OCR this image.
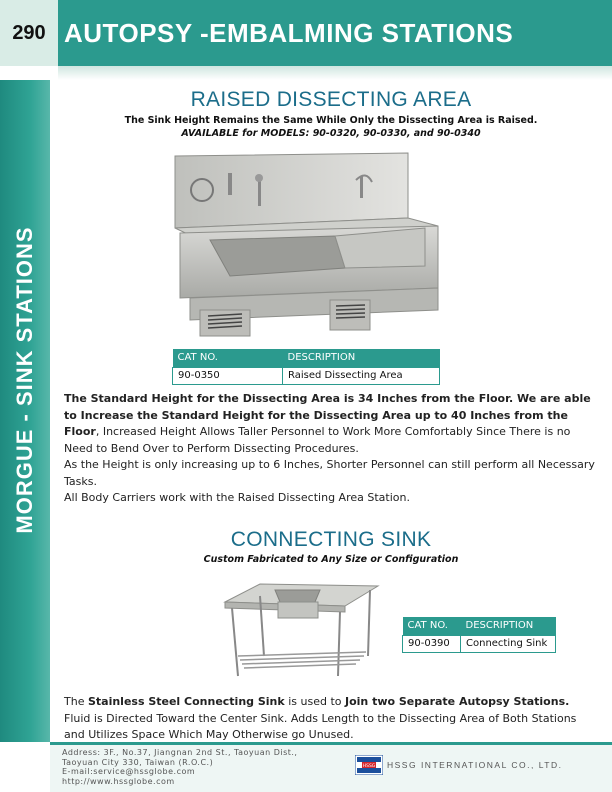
290 AUTOPSY -EMBALMING STATIONS
MORGUE - SINK STATIONS
RAISED DISSECTING AREA
The Sink Height Remains the Same While Only the Dissecting Area is Raised.
AVAILABLE for MODELS: 90-0320, 90-0330, and 90-0340
CAT NO.	DESCRIPTION
90-0350	Raised Dissecting Area
The Standard Height for the Dissecting Area is 34 Inches from the Floor. We are able to Increase the Standard Height for the Dissecting Area up to 40 Inches from the Floor, Increased Height Allows Taller Personnel to Work More Comfortably Since There is no Need to Bend Over to Perform Dissecting Procedures.
As the Height is only increasing up to 6 Inches, Shorter Personnel can still perform all Necessary Tasks.
All Body Carriers work with the Raised Dissecting Area Station.
CONNECTING SINK
Custom Fabricated to Any Size or Configuration
CAT NO.	DESCRIPTION
90-0390	Connecting Sink
The Stainless Steel Connecting Sink is used to Join two Separate Autopsy Stations. Fluid is Directed Toward the Center Sink. Adds Length to the Dissecting Area of Both Stations and Utilizes Space Which May Otherwise go Unused.
Address: 3F., No.37, Jiangnan 2nd St., Taoyuan Dist.,
Taoyuan City 330, Taiwan (R.O.C.)
E-mail:service@hssglobe.com
http://www.hssglobe.com
HSSG HSSG INTERNATIONAL CO., LTD.
